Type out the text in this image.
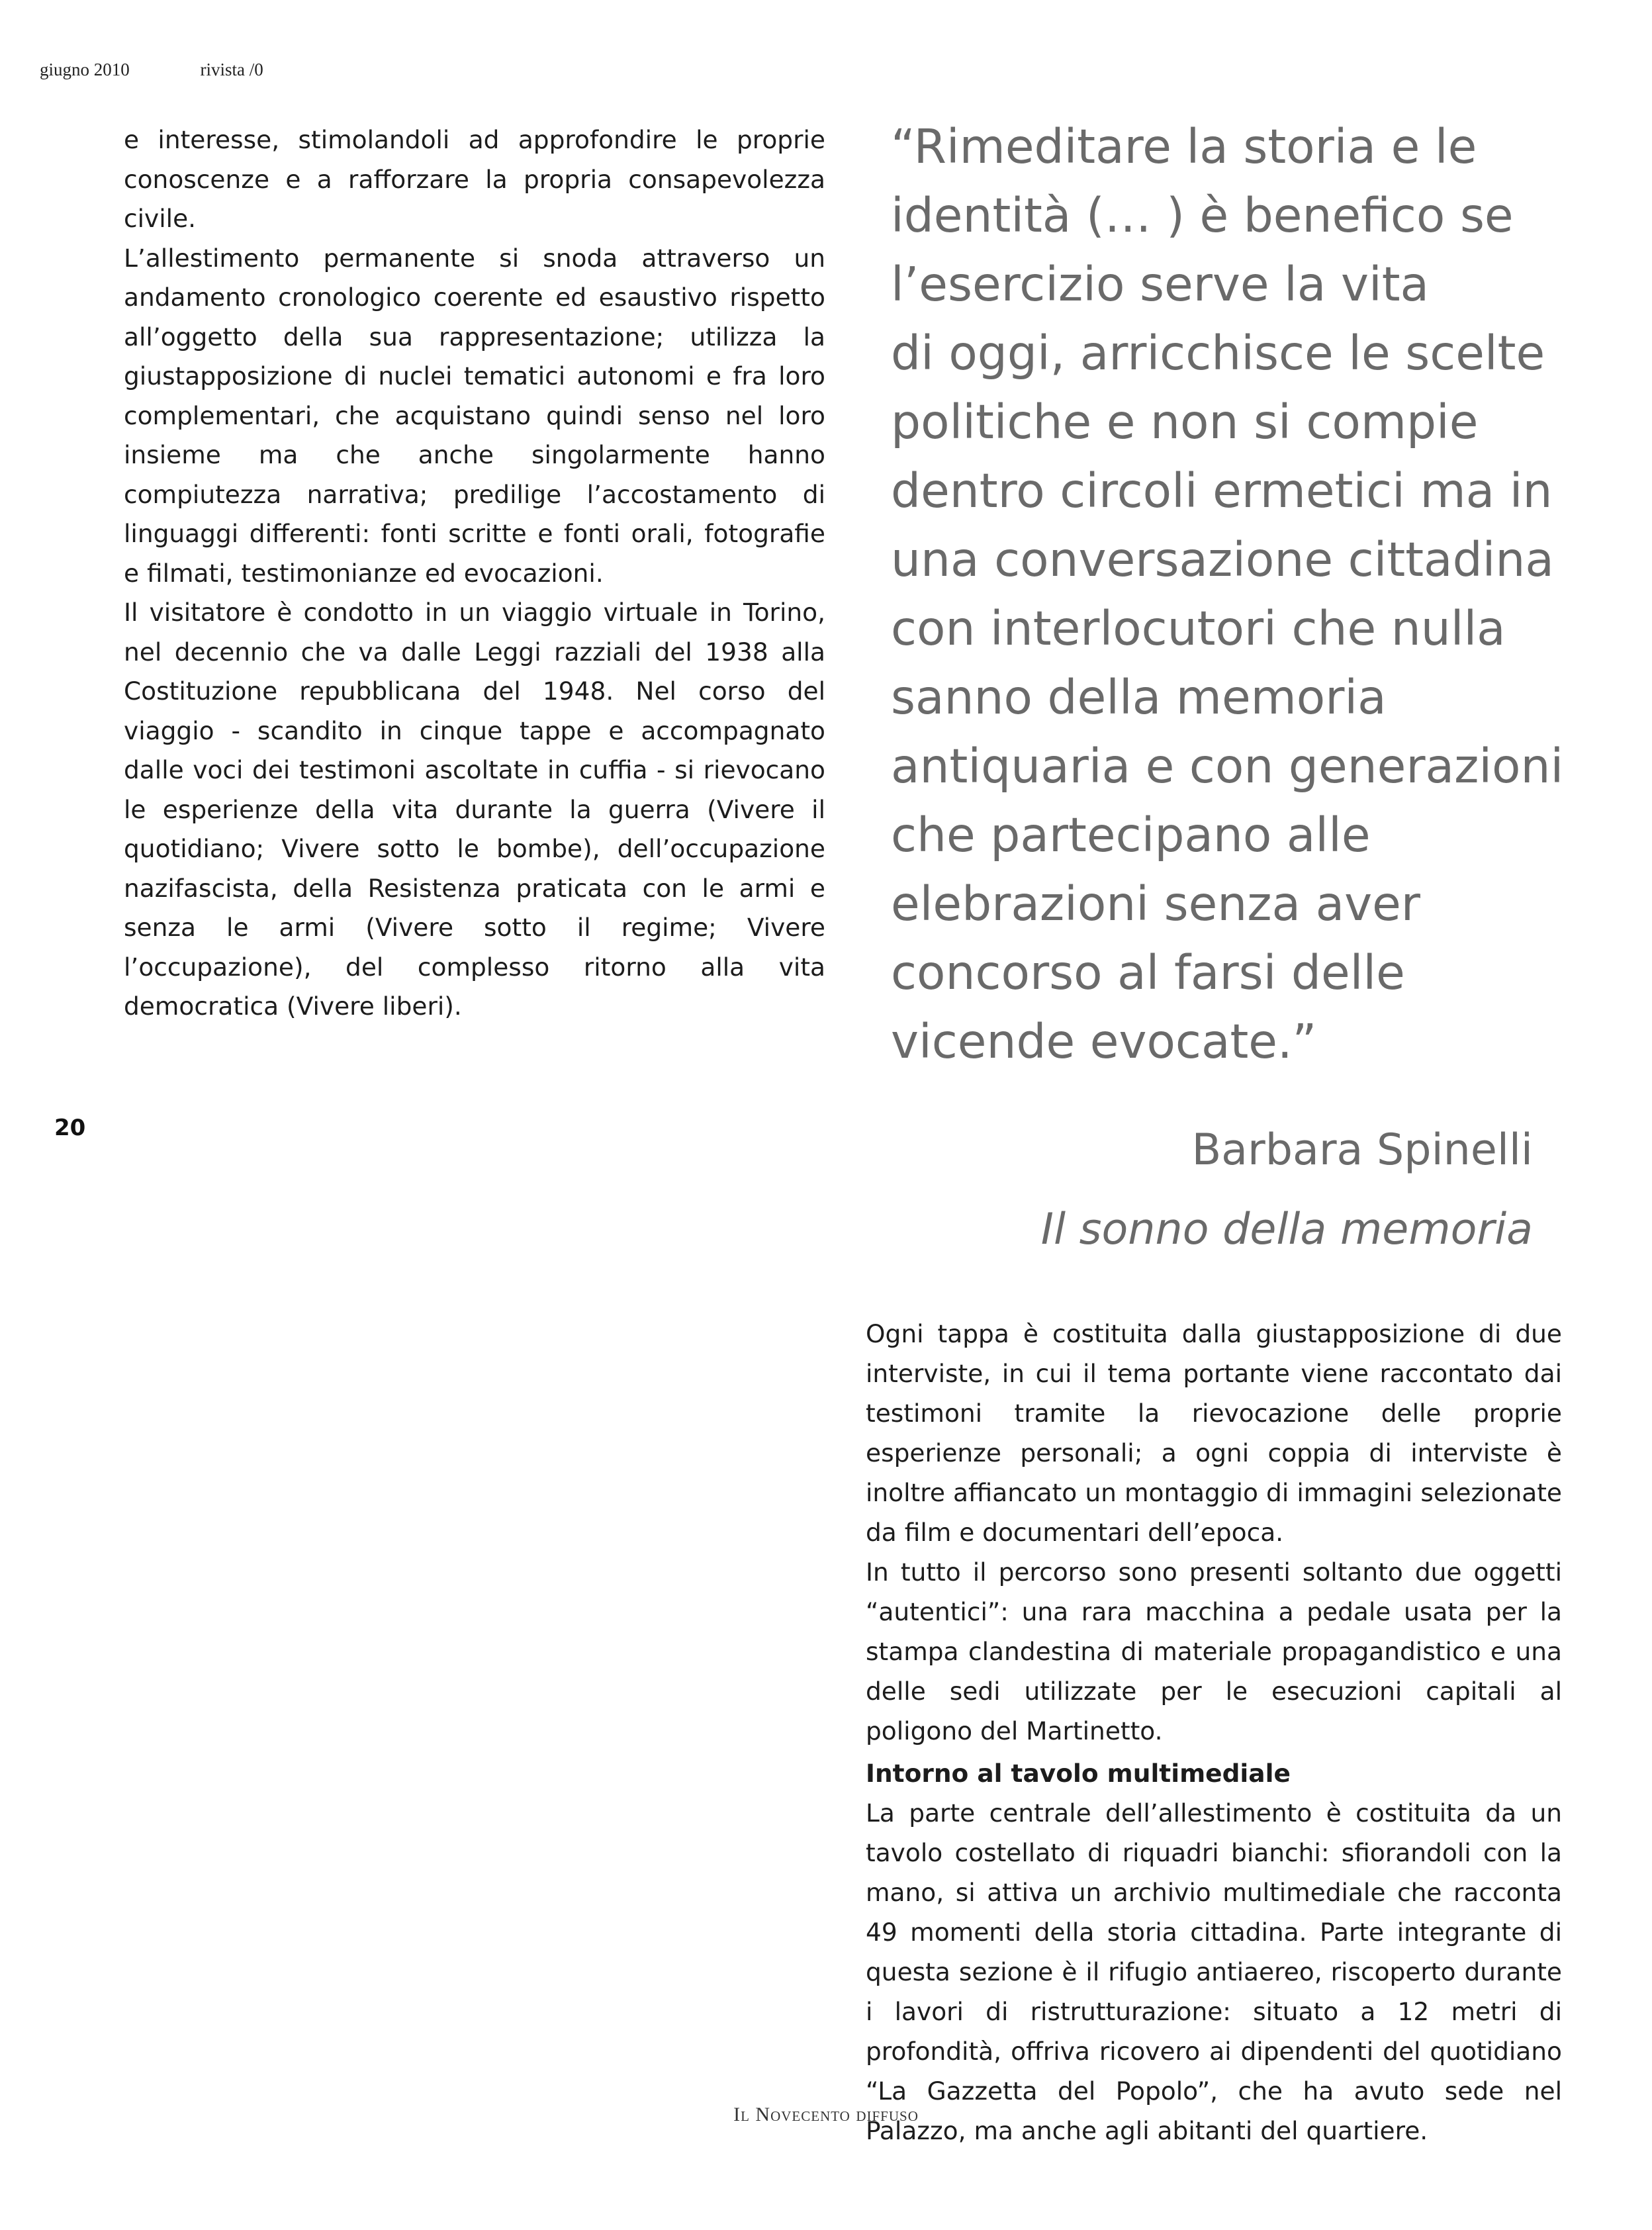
giugno 2010	rivista /0

e interesse, stimolandoli ad approfondire le proprie conoscenze e a rafforzare la propria consapevolezza civile.

L’allestimento permanente si snoda attraverso un andamento cronologico coerente ed esaustivo rispetto all’oggetto della sua rappresentazione; utilizza la giustapposizione di nuclei tematici autonomi e fra loro complementari, che acquistano quindi senso nel loro insieme ma che anche singolarmente hanno compiutezza narrativa; predilige l’accostamento di linguaggi differenti: fonti scritte e fonti orali, fotografie e filmati, testimonianze ed evocazioni.

Il visitatore è condotto in un viaggio virtuale in Torino, nel decennio che va dalle Leggi razziali del 1938 alla Costituzione repubblicana del 1948. Nel corso del viaggio - scandito in cinque tappe e accompagnato dalle voci dei testimoni ascoltate in cuffia - si rievocano le esperienze della vita durante la guerra (Vivere il quotidiano; Vivere sotto le bombe), dell’occupazione nazifascista, della Resistenza praticata con le armi e senza le armi (Vivere sotto il regime; Vivere l’occupazione), del complesso ritorno alla vita democratica (Vivere liberi).

“Rimeditare la storia e le
identità (… ) è benefico se
l’esercizio serve la vita
di oggi, arricchisce le scelte
politiche e non si compie
dentro circoli ermetici ma in
una conversazione cittadina
con interlocutori che nulla
sanno della memoria
antiquaria e con generazioni
che partecipano alle
elebrazioni senza aver
concorso al farsi delle
vicende evocate.”
20	Barbara Spinelli
Il sonno della memoria

Ogni tappa è costituita dalla giustapposizione di due interviste, in cui il tema portante viene raccontato dai testimoni tramite la rievocazione delle proprie esperienze personali; a ogni coppia di interviste è inoltre affiancato un montaggio di immagini selezionate da film e documentari dell’epoca.

In tutto il percorso sono presenti soltanto due oggetti “autentici”: una rara macchina a pedale usata per la stampa clandestina di materiale propagandistico e una delle sedi utilizzate per le esecuzioni capitali al poligono del Martinetto.

Intorno al tavolo multimediale

La parte centrale dell’allestimento è costituita da un tavolo costellato di riquadri bianchi: sfiorandoli con la mano, si attiva un archivio multimediale che racconta 49 momenti della storia cittadina. Parte integrante di questa sezione è il rifugio antiaereo, riscoperto durante i lavori di ristrutturazione: situato a 12 metri di profondità, offriva ricovero ai dipendenti del quotidiano “La Gazzetta del Popolo”, che ha avuto sede nel Palazzo, ma anche agli abitanti del quartiere.

Il Novecento diffuso
